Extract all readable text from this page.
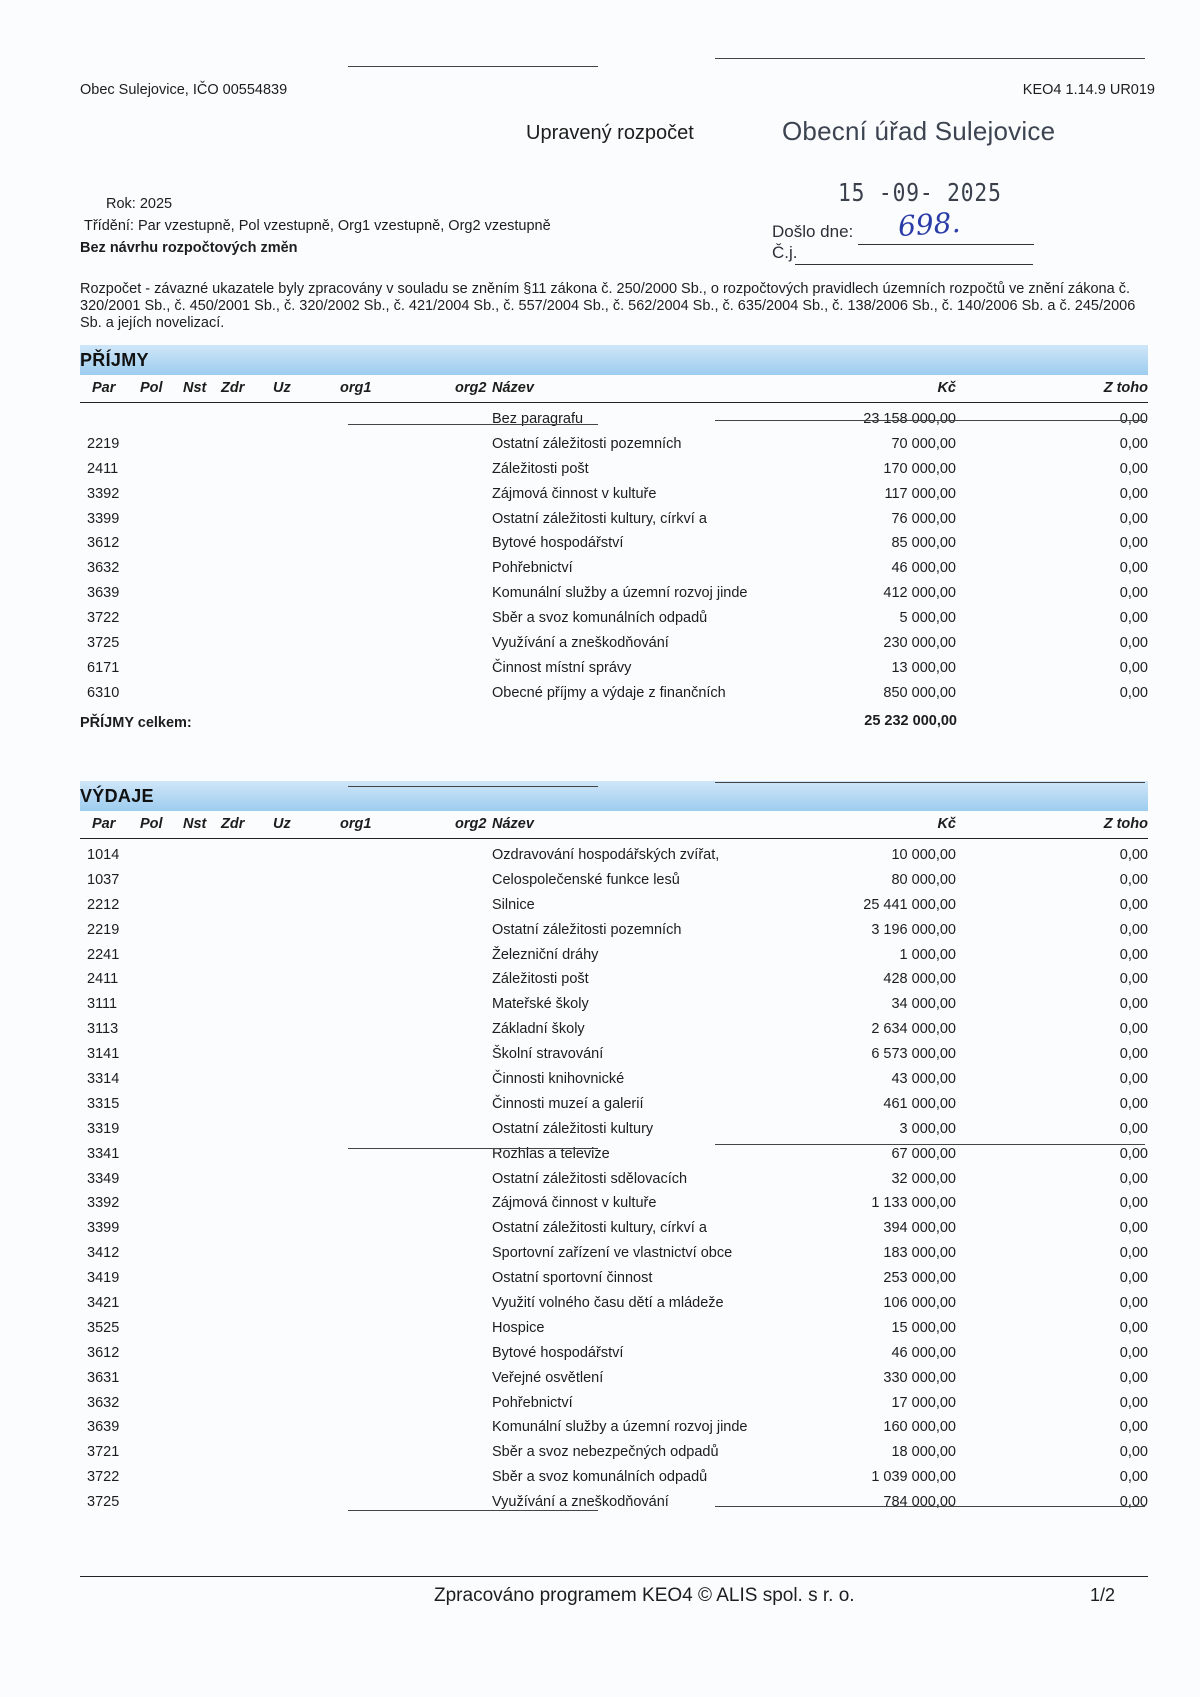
Obec Sulejovice, IČO 00554839	KEO4 1.14.9 UR019
Upravený rozpočet	Obecní úřad Sulejovice
15 -09- 2025
Došlo dne:
Č.j.
698.
Rok: 2025
Třídění: Par vzestupně, Pol vzestupně, Org1 vzestupně, Org2 vzestupně
Bez návrhu rozpočtových změn
Rozpočet - závazné ukazatele byly zpracovány v souladu se zněním §11 zákona č. 250/2000 Sb., o rozpočtových pravidlech územních rozpočtů ve znění zákona č. 320/2001 Sb., č. 450/2001 Sb., č. 320/2002 Sb., č. 421/2004 Sb., č. 557/2004 Sb., č. 562/2004 Sb., č. 635/2004 Sb., č. 138/2006 Sb., č. 140/2006 Sb. a č. 245/2006 Sb. a jejích novelizací.
PŘÍJMY
Par Pol Nst Zdr Uz	org1	org2 Název	Kč	Z toho
Bez paragrafu	23 158 000,00	0,00
2219	Ostatní záležitosti pozemních	70 000,00	0,00
2411	Záležitosti pošt	170 000,00	0,00
3392	Zájmová činnost v kultuře	117 000,00	0,00
3399	Ostatní záležitosti kultury, církví a	76 000,00	0,00
3612	Bytové hospodářství	85 000,00	0,00
3632	Pohřebnictví	46 000,00	0,00
3639	Komunální služby a územní rozvoj jinde	412 000,00	0,00
3722	Sběr a svoz komunálních odpadů	5 000,00	0,00
3725	Využívání a zneškodňování	230 000,00	0,00
6171	Činnost místní správy	13 000,00	0,00
6310	Obecné příjmy a výdaje z finančních	850 000,00	0,00
PŘÍJMY celkem:	25 232 000,00
VÝDAJE
Par Pol Nst Zdr Uz	org1	org2 Název	Kč	Z toho
1014	Ozdravování hospodářských zvířat,	10 000,00	0,00
1037	Celospolečenské funkce lesů	80 000,00	0,00
2212	Silnice	25 441 000,00	0,00
2219	Ostatní záležitosti pozemních	3 196 000,00	0,00
2241	Železniční dráhy	1 000,00	0,00
2411	Záležitosti pošt	428 000,00	0,00
3111	Mateřské školy	34 000,00	0,00
3113	Základní školy	2 634 000,00	0,00
3141	Školní stravování	6 573 000,00	0,00
3314	Činnosti knihovnické	43 000,00	0,00
3315	Činnosti muzeí a galerií	461 000,00	0,00
3319	Ostatní záležitosti kultury	3 000,00	0,00
3341	Rozhlas a televize	67 000,00	0,00
3349	Ostatní záležitosti sdělovacích	32 000,00	0,00
3392	Zájmová činnost v kultuře	1 133 000,00	0,00
3399	Ostatní záležitosti kultury, církví a	394 000,00	0,00
3412	Sportovní zařízení ve vlastnictví obce	183 000,00	0,00
3419	Ostatní sportovní činnost	253 000,00	0,00
3421	Využití volného času dětí a mládeže	106 000,00	0,00
3525	Hospice	15 000,00	0,00
3612	Bytové hospodářství	46 000,00	0,00
3631	Veřejné osvětlení	330 000,00	0,00
3632	Pohřebnictví	17 000,00	0,00
3639	Komunální služby a územní rozvoj jinde	160 000,00	0,00
3721	Sběr a svoz nebezpečných odpadů	18 000,00	0,00
3722	Sběr a svoz komunálních odpadů	1 039 000,00	0,00
3725	Využívání a zneškodňování	784 000,00	0,00
Zpracováno programem KEO4 © ALIS spol. s r. o.	1/2
